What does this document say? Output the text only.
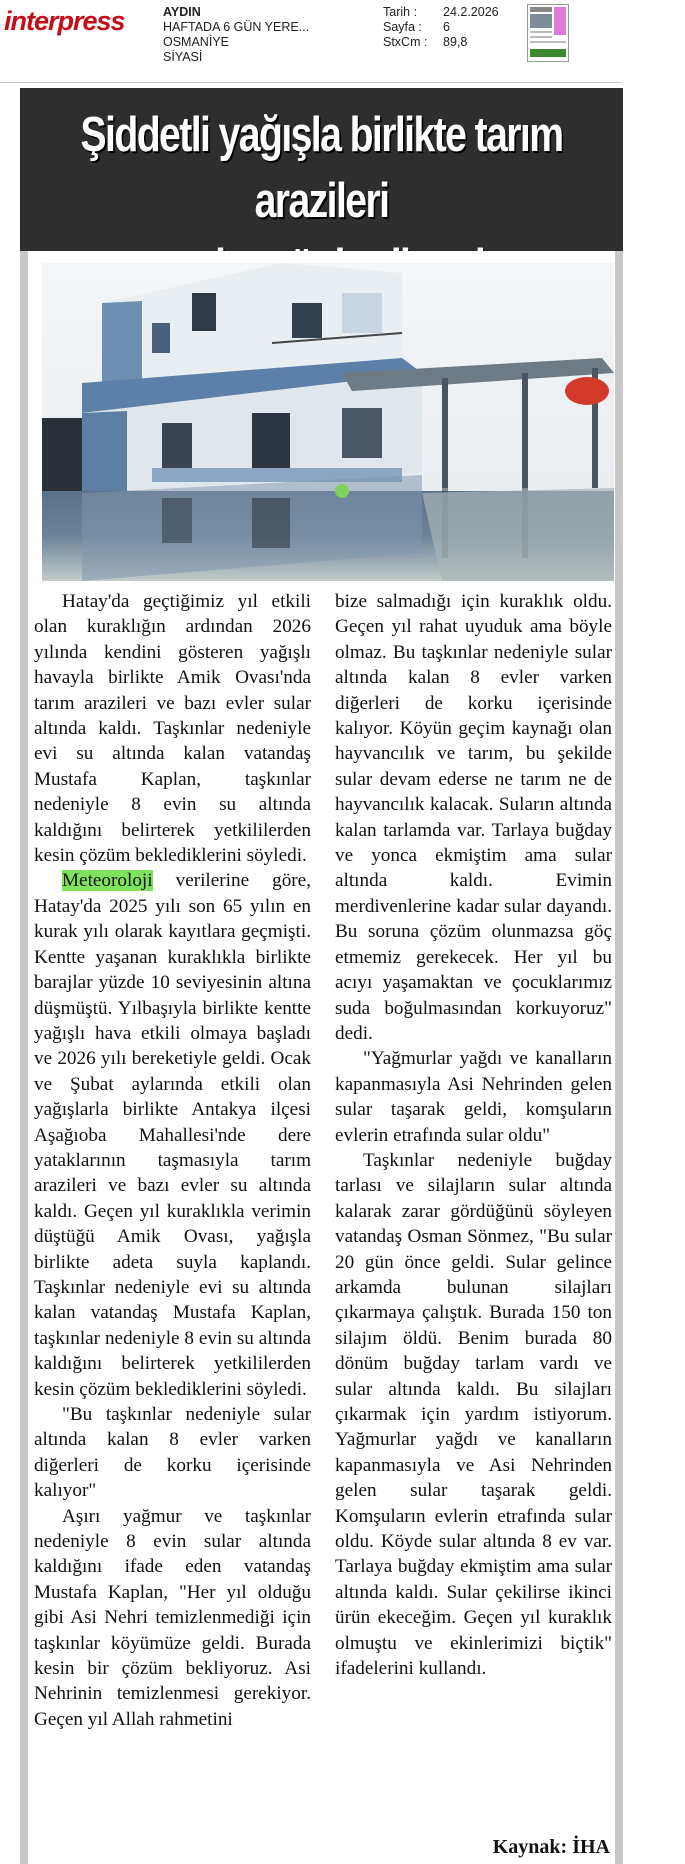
interpress	AYDIN
HAFTADA 6 GÜN YERE...
OSMANİYE
SİYASİ
Tarih :	24.2.2026
Sayfa :	6
StxCm :	89,8
Şiddetli yağışla birlikte tarım arazileri

Hatay'da geçtiğimiz yıl etkili olan kuraklığın ardından 2026 yılında kendini gösteren yağışlı havayla birlikte Amik Ovası'nda tarım arazileri ve bazı evler sular altında kaldı. Taşkınlar nedeniyle evi su altında kalan vatandaş Mustafa Kaplan, taşkınlar nedeniyle 8 evin su altında kaldığını belirterek yetkililerden kesin çözüm beklediklerini söyledi.

Meteoroloji verilerine göre, Hatay'da 2025 yılı son 65 yılın en kurak yılı olarak kayıtlara geçmişti. Kentte yaşanan kuraklıkla birlikte barajlar yüzde 10 seviyesinin altına düşmüştü. Yılbaşıyla birlikte kentte yağışlı hava etkili olmaya başladı ve 2026 yılı bereketiyle geldi. Ocak ve Şubat aylarında etkili olan yağışlarla birlikte Antakya ilçesi Aşağıoba Mahallesi'nde dere yataklarının taşmasıyla tarım arazileri ve bazı evler su altında kaldı. Geçen yıl kuraklıkla verimin düştüğü Amik Ovası, yağışla birlikte adeta suyla kaplandı. Taşkınlar nedeniyle evi su altında kalan vatandaş Mustafa Kaplan, taşkınlar nedeniyle 8 evin su altında kaldığını belirterek yetkililerden kesin çözüm beklediklerini söyledi.

"Bu taşkınlar nedeniyle sular altında kalan 8 evler varken diğerleri de korku içerisinde kalıyor"

Aşırı yağmur ve taşkınlar nedeniyle 8 evin sular altında kaldığını ifade eden vatandaş Mustafa Kaplan, "Her yıl olduğu gibi Asi Nehri temizlenmediği için taşkınlar köyümüze geldi. Burada kesin bir çözüm bekliyoruz. Asi Nehrinin temizlenmesi gerekiyor. Geçen yıl Allah rahmetini

bize salmadığı için kuraklık oldu. Geçen yıl rahat uyuduk ama böyle olmaz. Bu taşkınlar nedeniyle sular altında kalan 8 evler varken diğerleri de korku içerisinde kalıyor. Köyün geçim kaynağı olan hayvancılık ve tarım, bu şekilde sular devam ederse ne tarım ne de hayvancılık kalacak. Suların altında kalan tarlamda var. Tarlaya buğday ve yonca ekmiştim ama sular altında kaldı. Evimin merdivenlerine kadar sular dayandı. Bu soruna çözüm olunmazsa göç etmemiz gerekecek. Her yıl bu acıyı yaşamaktan ve çocuklarımız suda boğulmasından korkuyoruz" dedi.

"Yağmurlar yağdı ve kanalların kapanmasıyla Asi Nehrinden gelen sular taşarak geldi, komşuların evlerin etrafında sular oldu"

Taşkınlar nedeniyle buğday tarlası ve silajların sular altında kalarak zarar gördüğünü söyleyen vatandaş Osman Sönmez, "Bu sular 20 gün önce geldi. Sular gelince arkamda bulunan silajları çıkarmaya çalıştık. Burada 150 ton silajım öldü. Benim burada 80 dönüm buğday tarlam vardı ve sular altında kaldı. Bu silajları çıkarmak için yardım istiyorum. Yağmurlar yağdı ve kanalların kapanmasıyla ve Asi Nehrinden gelen sular taşarak geldi. Komşuların evlerin etrafında sular oldu. Köyde sular altında 8 ev var. Tarlaya buğday ekmiştim ama sular altında kaldı. Sular çekilirse ikinci ürün ekeceğim. Geçen yıl kuraklık olmuştu ve ekinlerimizi biçtik" ifadelerini kullandı.

Kaynak: İHA
